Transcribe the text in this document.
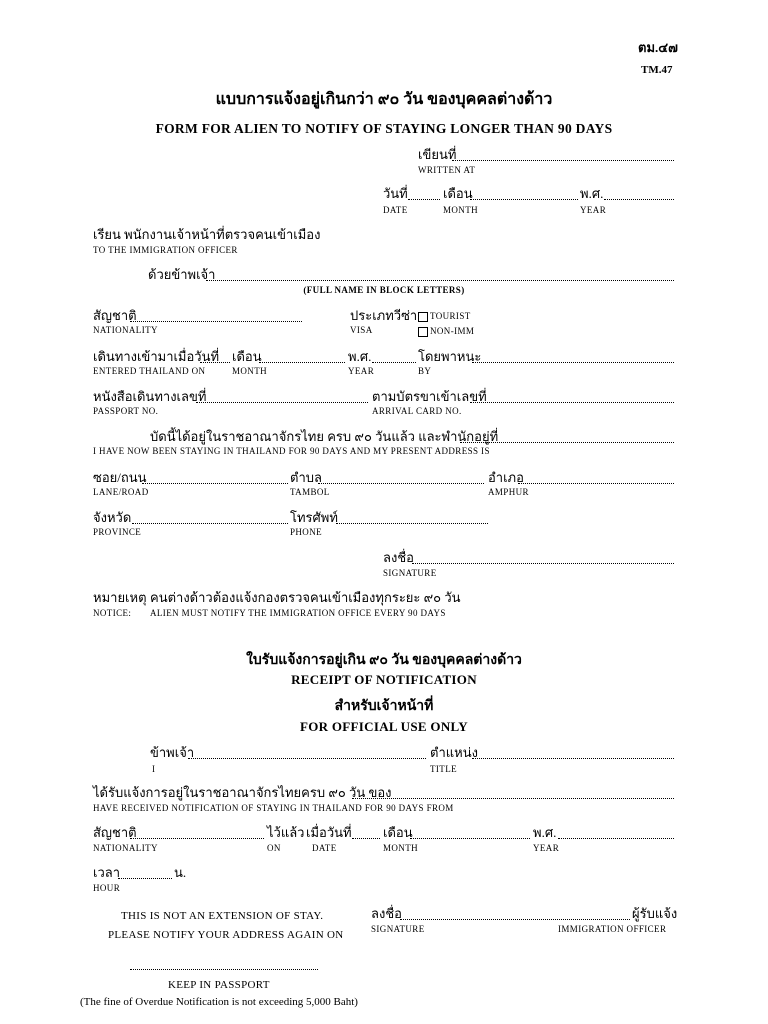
ตม.๔๗
TM.47
แบบการแจ้งอยู่เกินกว่า ๙๐ วัน ของบุคคลต่างด้าว
FORM FOR ALIEN TO NOTIFY OF STAYING LONGER THAN 90 DAYS
เขียนที่
WRITTEN AT
วันที่	เดือน	พ.ศ.
DATE	MONTH	YEAR
เรียน พนักงานเจ้าหน้าที่ตรวจคนเข้าเมือง
TO THE IMMIGRATION OFFICER
ด้วยข้าพเจ้า
(FULL NAME IN BLOCK LETTERS)
สัญชาติ	ประเภทวีซ่า TOURIST
NATIONALITY	VISA	NON-IMM
เดินทางเข้ามาเมื่อวันที่ เดือน	พ.ศ.	โดยพาหนะ
ENTERED THAILAND ON	MONTH	YEAR	BY
หนังสือเดินทางเลขที่	ตามบัตรขาเข้าเลขที่
PASSPORT NO.	ARRIVAL CARD NO.
บัดนี้ได้อยู่ในราชอาณาจักรไทย ครบ ๙๐ วันแล้ว และพำนักอยู่ที่
I HAVE NOW BEEN STAYING IN THAILAND FOR 90 DAYS AND MY PRESENT ADDRESS IS
ซอย/ถนน	ตำบล	อำเภอ
LANE/ROAD	TAMBOL	AMPHUR
จังหวัด	โทรศัพท์
PROVINCE	PHONE
ลงชื่อ
SIGNATURE
หมายเหตุ คนต่างด้าวต้องแจ้งกองตรวจคนเข้าเมืองทุกระยะ ๙๐ วัน
NOTICE: ALIEN MUST NOTIFY THE IMMIGRATION OFFICE EVERY 90 DAYS
ใบรับแจ้งการอยู่เกิน ๙๐ วัน ของบุคคลต่างด้าว
RECEIPT OF NOTIFICATION
สำหรับเจ้าหน้าที่
FOR OFFICIAL USE ONLY
ข้าพเจ้า	ตำแหน่ง
I	TITLE
ได้รับแจ้งการอยู่ในราชอาณาจักรไทยครบ ๙๐ วัน ของ
HAVE RECEIVED NOTIFICATION OF STAYING IN THAILAND FOR 90 DAYS FROM
สัญชาติ	ไว้แล้ว เมื่อวันที่ เดือน	พ.ศ.
NATIONALITY	ON	DATE	MONTH	YEAR
เวลา	น.
HOUR
THIS IS NOT AN EXTENSION OF STAY.	ลงชื่อ	ผู้รับแจ้ง
PLEASE NOTIFY YOUR ADDRESS AGAIN ON	SIGNATURE	IMMIGRATION OFFICER
KEEP IN PASSPORT
(The fine of Overdue Notification is not exceeding 5,000 Baht)
